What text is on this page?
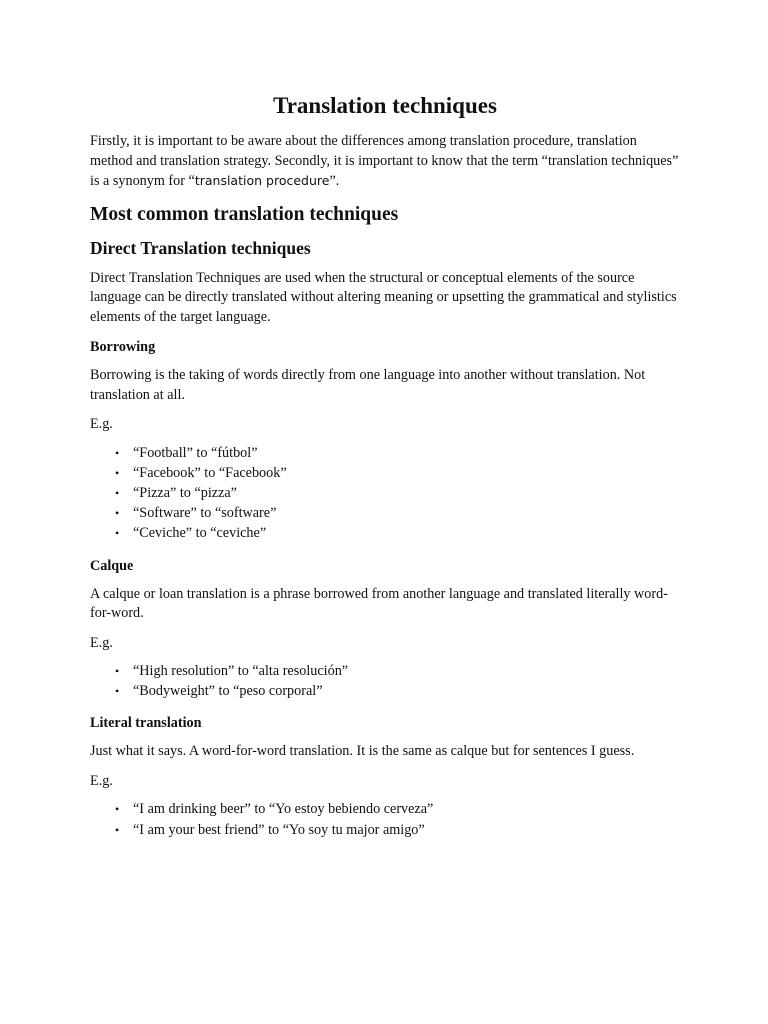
Translation techniques

Firstly, it is important to be aware about the differences among translation procedure, translation method and translation strategy. Secondly, it is important to know that the term “translation techniques” is a synonym for “translation procedure”.

Most common translation techniques
Direct Translation techniques

Direct Translation Techniques are used when the structural or conceptual elements of the source language can be directly translated without altering meaning or upsetting the grammatical and stylistics elements of the target language.

Borrowing

Borrowing is the taking of words directly from one language into another without translation. Not translation at all.

E.g.

• “Football” to “fútbol”
• “Facebook” to “Facebook”
• “Pizza” to “pizza”
• “Software” to “software”
• “Ceviche” to “ceviche”
Calque

A calque or loan translation is a phrase borrowed from another language and translated literally word-for-word.

E.g.

• “High resolution” to “alta resolución”
• “Bodyweight” to “peso corporal”
Literal translation

Just what it says. A word-for-word translation. It is the same as calque but for sentences I guess.

E.g.

• “I am drinking beer” to “Yo estoy bebiendo cerveza”
• “I am your best friend” to “Yo soy tu major amigo”
